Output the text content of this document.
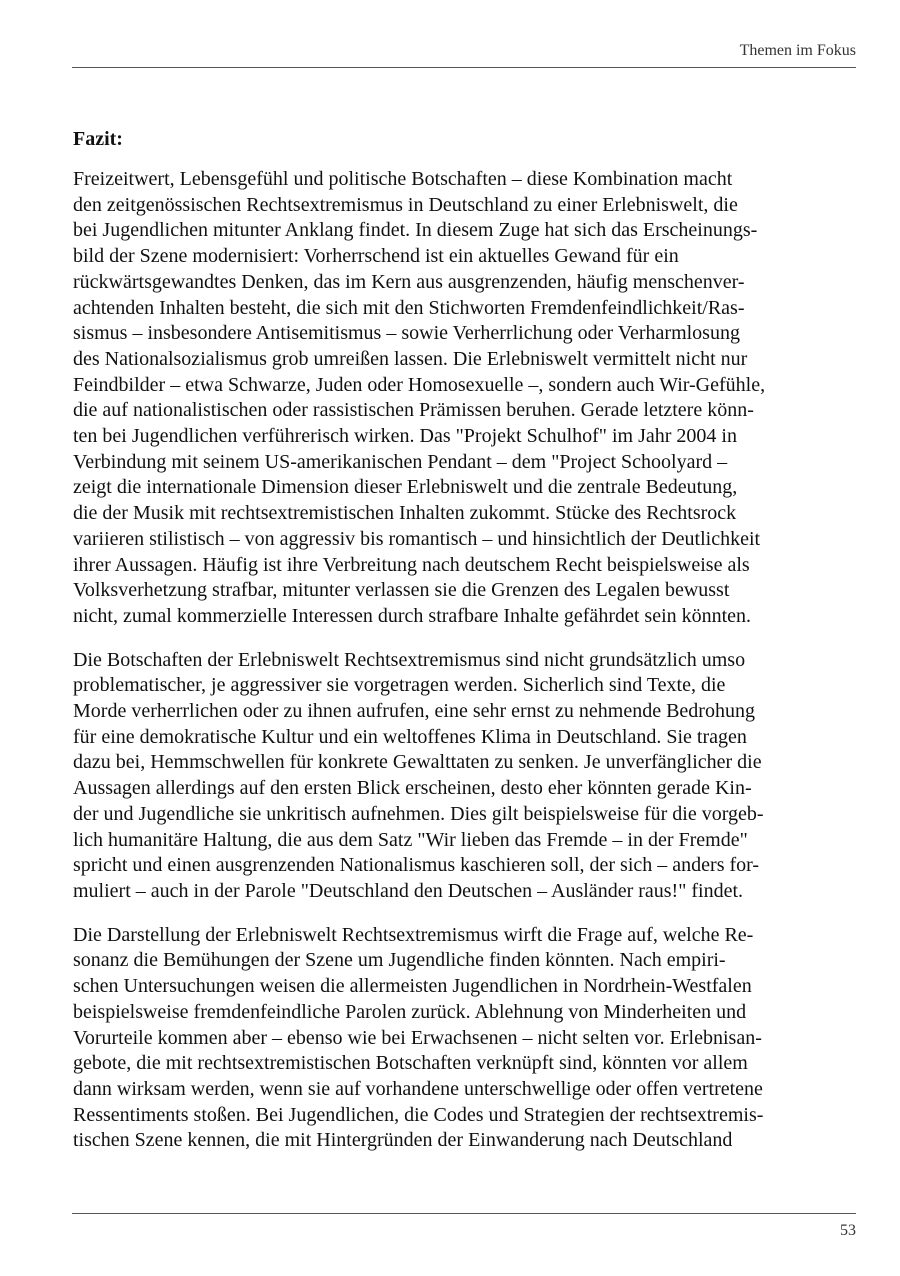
Themen im Fokus
Fazit:
Freizeitwert, Lebensgefühl und politische Botschaften – diese Kombination macht
den zeitgenössischen Rechtsextremismus in Deutschland zu einer Erlebniswelt, die
bei Jugendlichen mitunter Anklang findet. In diesem Zuge hat sich das Erscheinungs-
bild der Szene modernisiert: Vorherrschend ist ein aktuelles Gewand für ein
rückwärtsgewandtes Denken, das im Kern aus ausgrenzenden, häufig menschenver-
achtenden Inhalten besteht, die sich mit den Stichworten Fremdenfeindlichkeit/Ras-
sismus – insbesondere Antisemitismus – sowie Verherrlichung oder Verharmlosung
des Nationalsozialismus grob umreißen lassen. Die Erlebniswelt vermittelt nicht nur
Feindbilder – etwa Schwarze, Juden oder Homosexuelle –, sondern auch Wir-Gefühle,
die auf nationalistischen oder rassistischen Prämissen beruhen. Gerade letztere könn-
ten bei Jugendlichen verführerisch wirken. Das "Projekt Schulhof" im Jahr 2004 in
Verbindung mit seinem US-amerikanischen Pendant – dem "Project Schoolyard –
zeigt die internationale Dimension dieser Erlebniswelt und die zentrale Bedeutung,
die der Musik mit rechtsextremistischen Inhalten zukommt. Stücke des Rechtsrock
variieren stilistisch – von aggressiv bis romantisch – und hinsichtlich der Deutlichkeit
ihrer Aussagen. Häufig ist ihre Verbreitung nach deutschem Recht beispielsweise als
Volksverhetzung strafbar, mitunter verlassen sie die Grenzen des Legalen bewusst
nicht, zumal kommerzielle Interessen durch strafbare Inhalte gefährdet sein könnten.
Die Botschaften der Erlebniswelt Rechtsextremismus sind nicht grundsätzlich umso
problematischer, je aggressiver sie vorgetragen werden. Sicherlich sind Texte, die
Morde verherrlichen oder zu ihnen aufrufen, eine sehr ernst zu nehmende Bedrohung
für eine demokratische Kultur und ein weltoffenes Klima in Deutschland. Sie tragen
dazu bei, Hemmschwellen für konkrete Gewalttaten zu senken. Je unverfänglicher die
Aussagen allerdings auf den ersten Blick erscheinen, desto eher könnten gerade Kin-
der und Jugendliche sie unkritisch aufnehmen. Dies gilt beispielsweise für die vorgeb-
lich humanitäre Haltung, die aus dem Satz "Wir lieben das Fremde – in der Fremde"
spricht und einen ausgrenzenden Nationalismus kaschieren soll, der sich – anders for-
muliert – auch in der Parole "Deutschland den Deutschen – Ausländer raus!" findet.
Die Darstellung der Erlebniswelt Rechtsextremismus wirft die Frage auf, welche Re-
sonanz die Bemühungen der Szene um Jugendliche finden könnten. Nach empiri-
schen Untersuchungen weisen die allermeisten Jugendlichen in Nordrhein-Westfalen
beispielsweise fremdenfeindliche Parolen zurück. Ablehnung von Minderheiten und
Vorurteile kommen aber – ebenso wie bei Erwachsenen – nicht selten vor. Erlebnisan-
gebote, die mit rechtsextremistischen Botschaften verknüpft sind, könnten vor allem
dann wirksam werden, wenn sie auf vorhandene unterschwellige oder offen vertretene
Ressentiments stoßen. Bei Jugendlichen, die Codes und Strategien der rechtsextremis-
tischen Szene kennen, die mit Hintergründen der Einwanderung nach Deutschland
53
